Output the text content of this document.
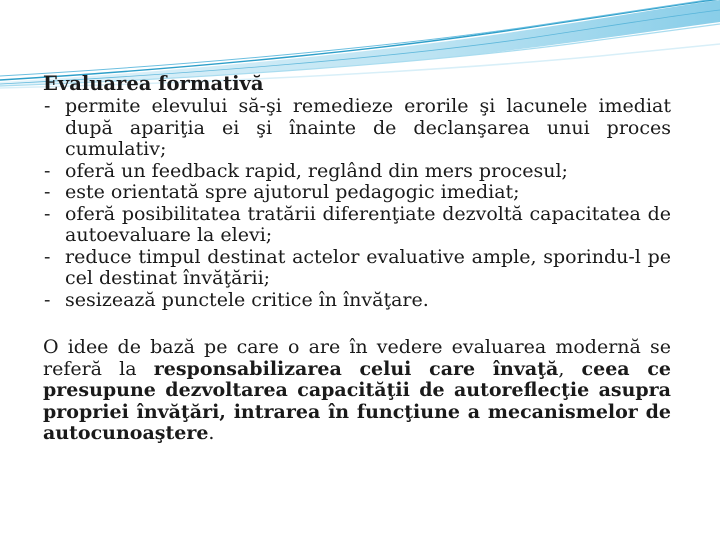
Evaluarea formativă

- permite elevului să-şi remedieze erorile şi lacunele imediat după apariţia ei şi înainte de declanşarea unui proces cumulativ;
- oferă un feedback rapid, reglând din mers procesul;
- este orientată spre ajutorul pedagogic imediat;
- oferă posibilitatea tratării diferenţiate dezvoltă capacitatea de autoevaluare la elevi;
- reduce timpul destinat actelor evaluative ample, sporindu-l pe cel destinat învăţării;
- sesizează punctele critice în învăţare.

O idee de bază pe care o are în vedere evaluarea modernă se referă la responsabilizarea celui care învaţă, ceea ce presupune dezvoltarea capacităţii de autoreflecţie asupra propriei învăţări, intrarea în funcţiune a mecanismelor de autocunoaştere.
